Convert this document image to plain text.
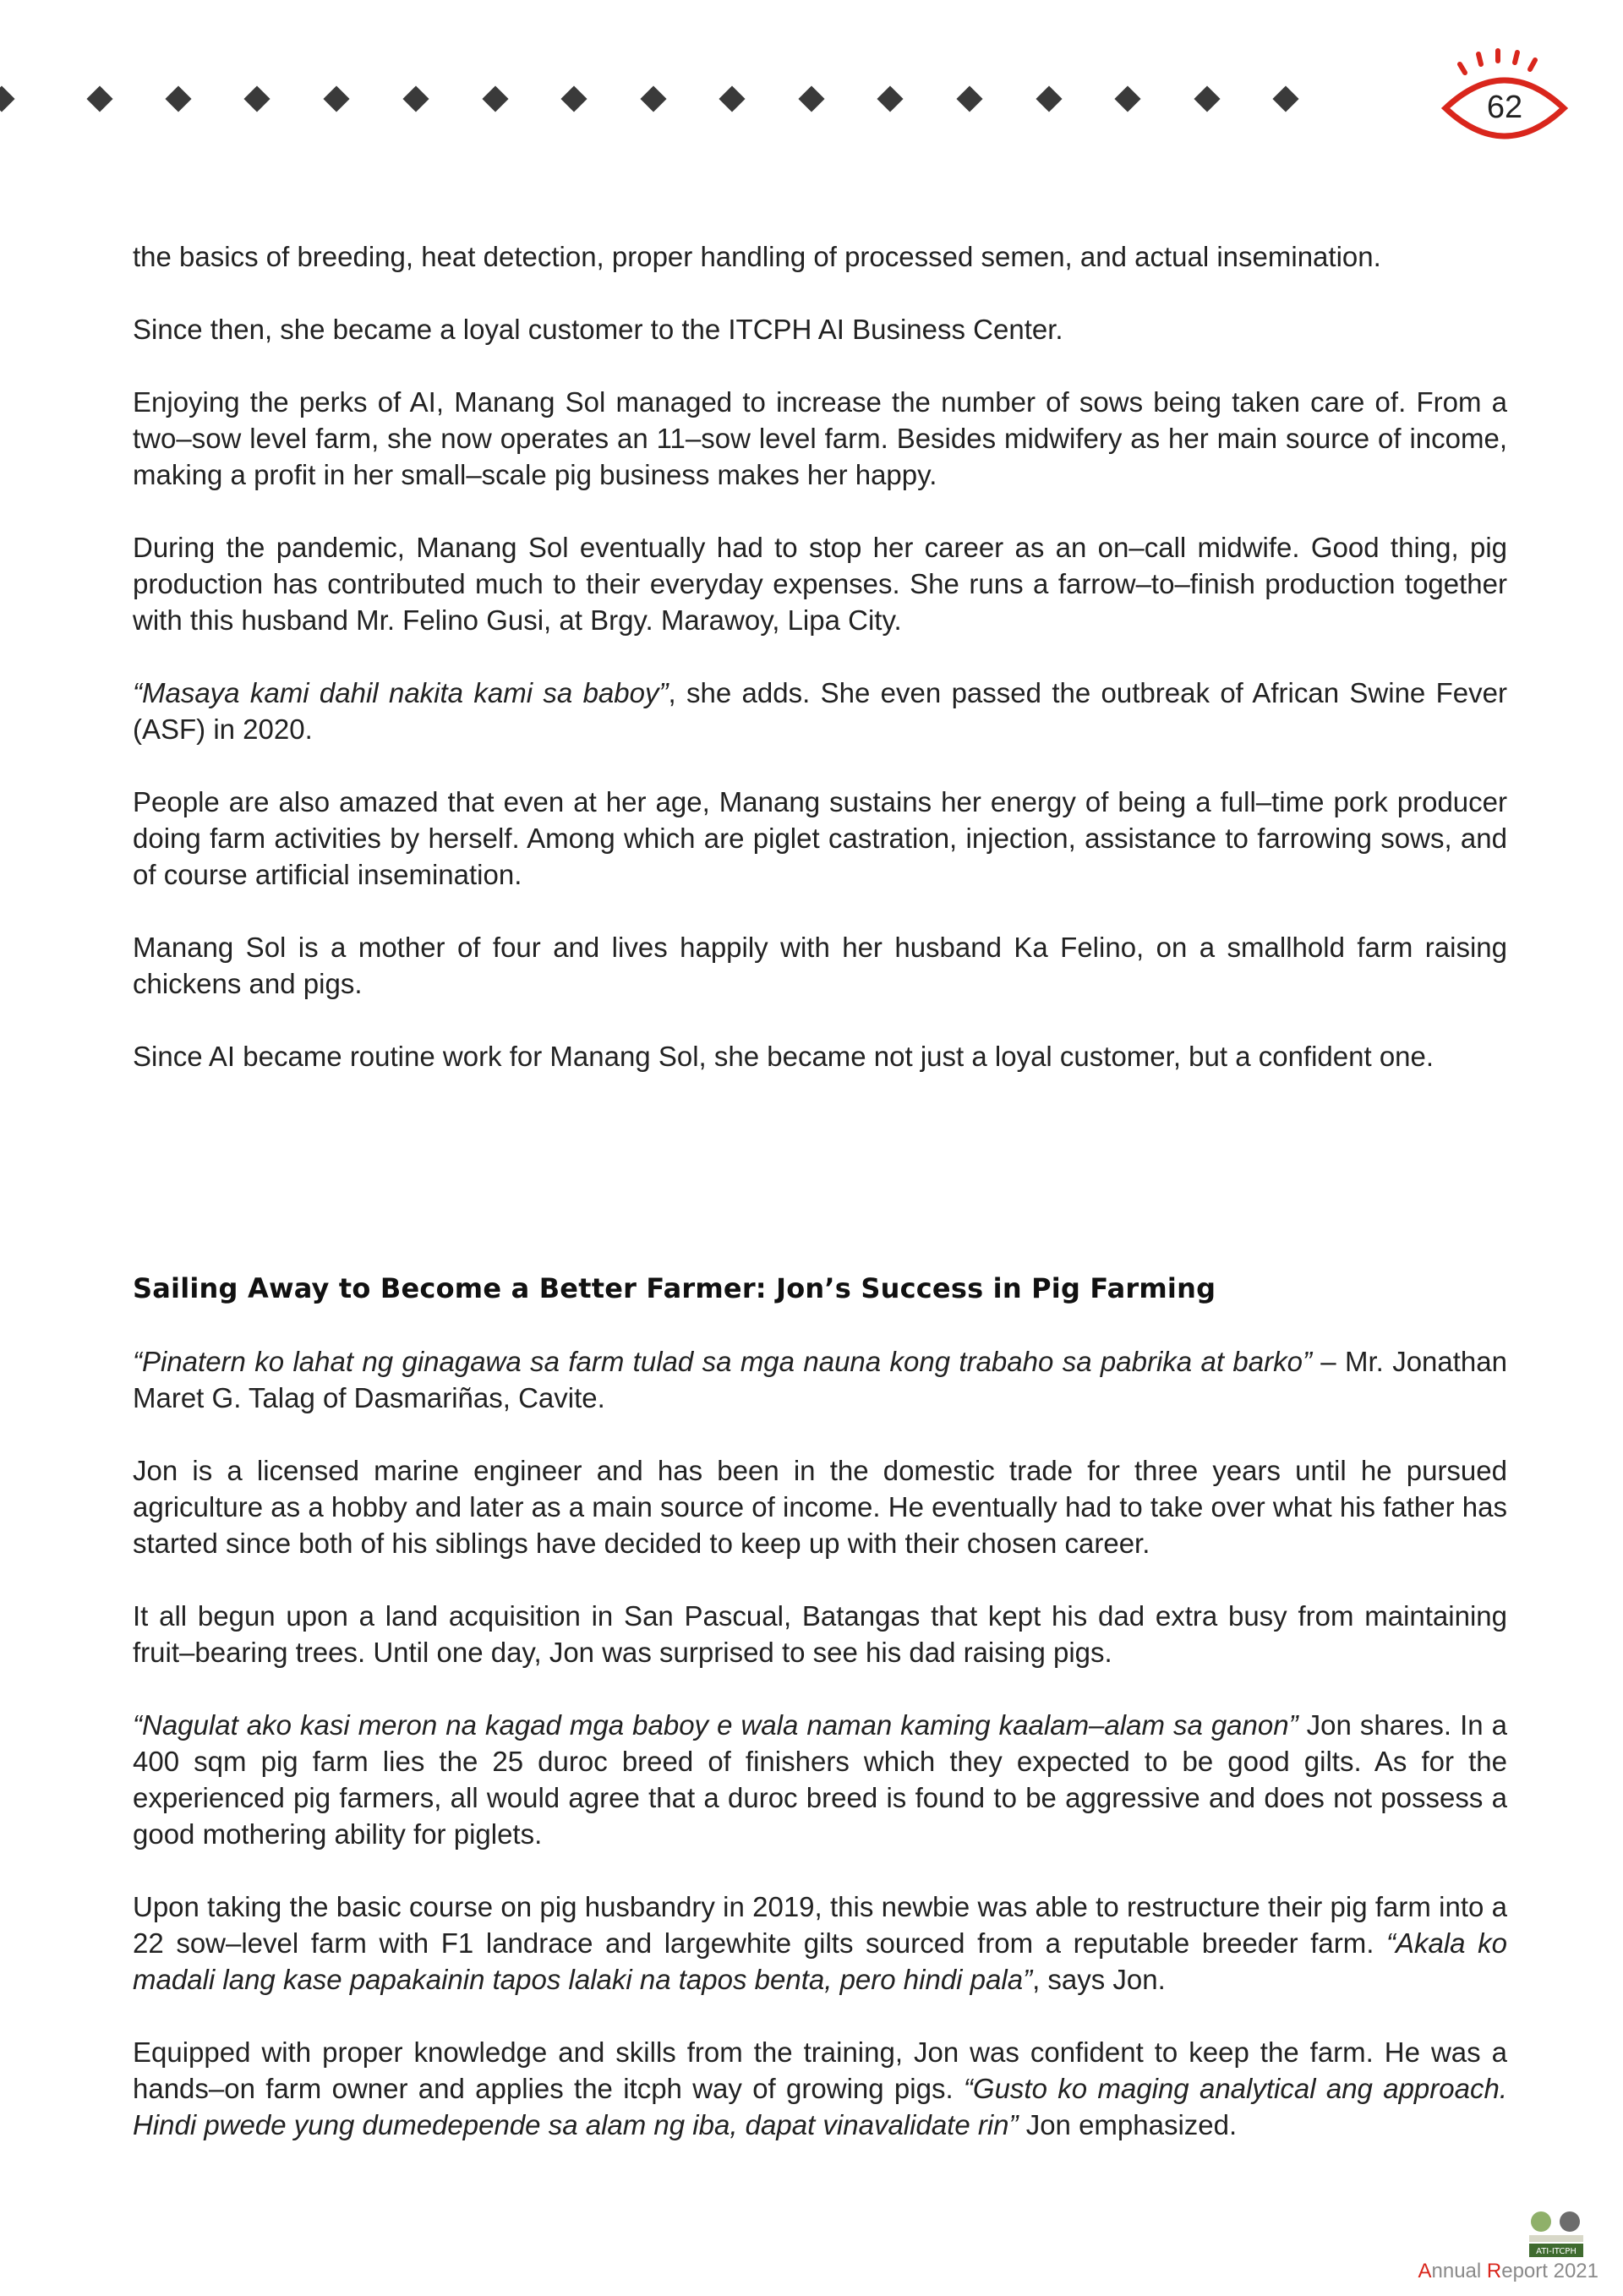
62

the basics of breeding, heat detection, proper handling of processed semen, and actual insemination.

Since then, she became a loyal customer to the ITCPH AI Business Center.

Enjoying the perks of AI, Manang Sol managed to increase the number of sows being taken care of. From a two–sow level farm, she now operates an 11–sow level farm. Besides midwifery as her main source of income, making a profit in her small–scale pig business makes her happy.

During the pandemic, Manang Sol eventually had to stop her career as an on–call midwife. Good thing, pig production has contributed much to their everyday expenses. She runs a farrow–to–finish production together with this husband Mr. Felino Gusi, at Brgy. Marawoy, Lipa City.

“Masaya kami dahil nakita kami sa baboy”, she adds. She even passed the outbreak of African Swine Fever (ASF) in 2020.

People are also amazed that even at her age, Manang sustains her energy of being a full–time pork producer doing farm activities by herself. Among which are piglet castration, injection, assistance to farrowing sows, and of course artificial insemination.

Manang Sol is a mother of four and lives happily with her husband Ka Felino, on a smallhold farm raising chickens and pigs.

Since AI became routine work for Manang Sol, she became not just a loyal customer, but a confident one.

Sailing Away to Become a Better Farmer: Jon’s Success in Pig Farming

“Pinatern ko lahat ng ginagawa sa farm tulad sa mga nauna kong trabaho sa pabrika at barko” – Mr. Jonathan Maret G. Talag of Dasmariñas, Cavite.

Jon is a licensed marine engineer and has been in the domestic trade for three years until he pursued agriculture as a hobby and later as a main source of income. He eventually had to take over what his father has started since both of his siblings have decided to keep up with their chosen career.

It all begun upon a land acquisition in San Pascual, Batangas that kept his dad extra busy from maintaining fruit–bearing trees. Until one day, Jon was surprised to see his dad raising pigs.

“Nagulat ako kasi meron na kagad mga baboy e wala naman kaming kaalam–alam sa ganon” Jon shares. In a 400 sqm pig farm lies the 25 duroc breed of finishers which they expected to be good gilts. As for the experienced pig farmers, all would agree that a duroc breed is found to be aggressive and does not possess a good mothering ability for piglets.

Upon taking the basic course on pig husbandry in 2019, this newbie was able to restructure their pig farm into a 22 sow–level farm with F1 landrace and largewhite gilts sourced from a reputable breeder farm. “Akala ko madali lang kase papakainin tapos lalaki na tapos benta, pero hindi pala”, says Jon.

Equipped with proper knowledge and skills from the training, Jon was confident to keep the farm. He was a hands–on farm owner and applies the itcph way of growing pigs. “Gusto ko maging analytical ang approach. Hindi pwede yung dumedepende sa alam ng iba, dapat vinavalidate rin” Jon emphasized.

ATI-ITCPH
Annual Report 2021
